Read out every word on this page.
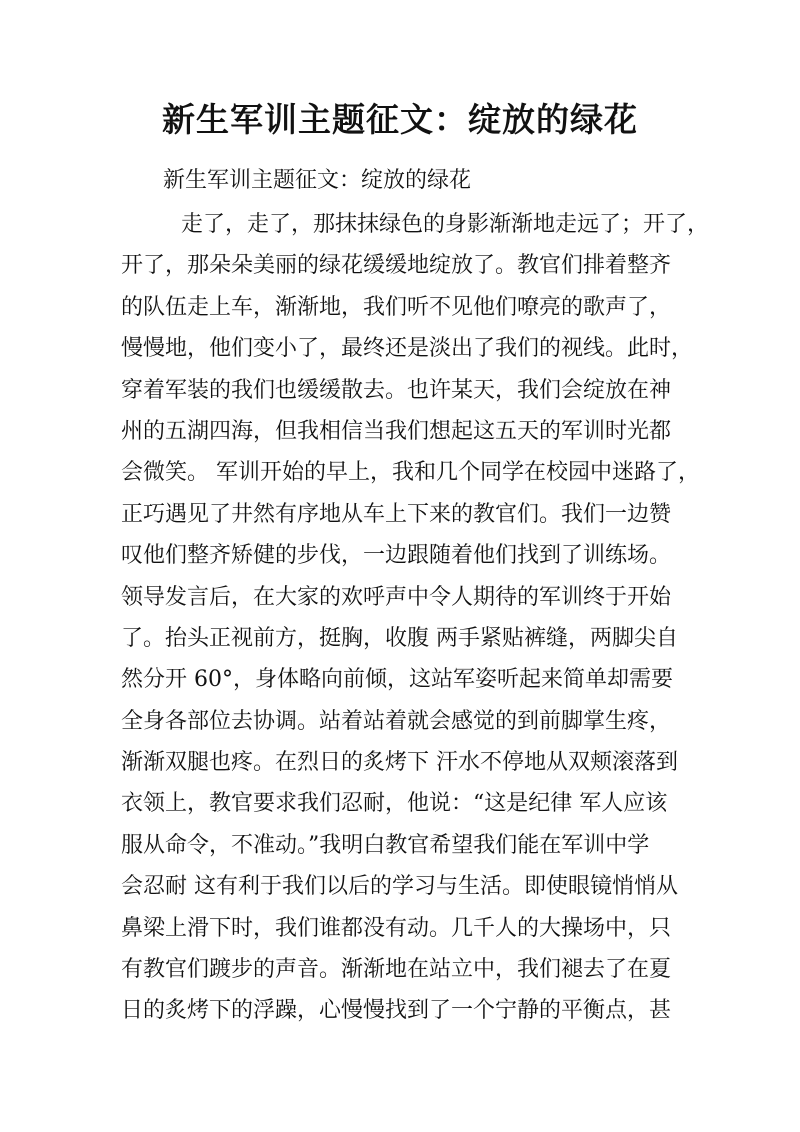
新生军训主题征文：绽放的绿花

新生军训主题征文：绽放的绿花

走了，走了，那抹抹绿色的身影渐渐地走远了；开了，
开了，那朵朵美丽的绿花缓缓地绽放了。教官们排着整齐
的队伍走上车，渐渐地，我们听不见他们嘹亮的歌声了，
慢慢地，他们变小了，最终还是淡出了我们的视线。此时，
穿着军装的我们也缓缓散去。也许某天，我们会绽放在神
州的五湖四海，但我相信当我们想起这五天的军训时光都
会微笑。 军训开始的早上，我和几个同学在校园中迷路了，
正巧遇见了井然有序地从车上下来的教官们。我们一边赞
叹他们整齐矫健的步伐，一边跟随着他们找到了训练场。
领导发言后，在大家的欢呼声中令人期待的军训终于开始
了。抬头正视前方，挺胸，收腹 两手紧贴裤缝，两脚尖自
然分开 60°，身体略向前倾，这站军姿听起来简单却需要
全身各部位去协调。站着站着就会感觉的到前脚掌生疼，
渐渐双腿也疼。在烈日的炙烤下 汗水不停地从双颊滚落到
衣领上，教官要求我们忍耐，他说：“这是纪律 军人应该
服从命令，不准动。”我明白教官希望我们能在军训中学
会忍耐 这有利于我们以后的学习与生活。即使眼镜悄悄从
鼻梁上滑下时，我们谁都没有动。几千人的大操场中，只
有教官们踱步的声音。渐渐地在站立中，我们褪去了在夏
日的炙烤下的浮躁，心慢慢找到了一个宁静的平衡点，甚
